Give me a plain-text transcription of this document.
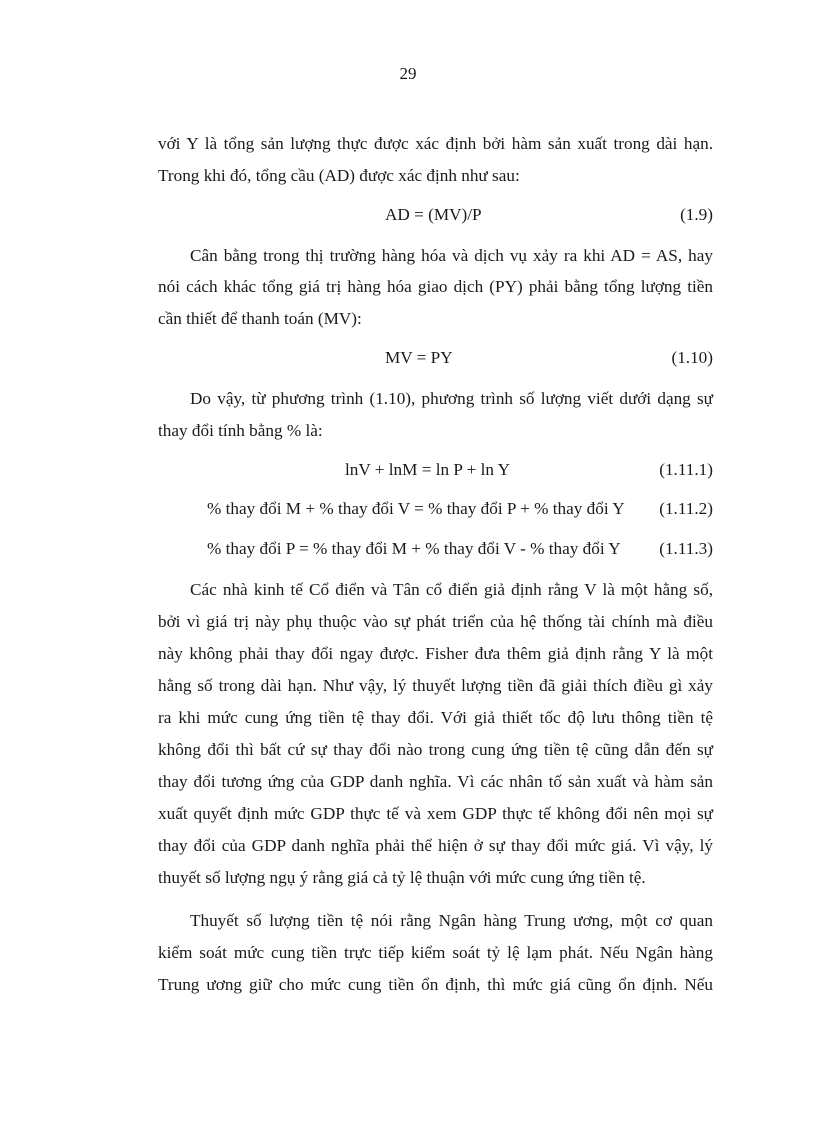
29
với Y là tổng sản lượng thực được xác định bởi hàm sản xuất trong dài hạn.
Trong khi đó, tổng cầu (AD) được xác định như sau:
AD = (MV)/P	(1.9)
Cân bằng trong thị trường hàng hóa và dịch vụ xảy ra khi AD = AS, hay
nói cách khác tổng giá trị hàng hóa giao dịch (PY) phải bằng tổng lượng tiền
cần thiết để thanh toán (MV):
MV = PY	(1.10)
Do vậy, từ phương trình (1.10), phương trình số lượng viết dưới dạng sự
thay đổi tính bằng % là:
lnV + lnM = ln P + ln Y	(1.11.1)
% thay đổi M + % thay đổi V = % thay đổi P + % thay đổi Y (1.11.2)
% thay đổi P = % thay đổi M + % thay đổi V - % thay đổi Y (1.11.3)
Các nhà kinh tế Cổ điển và Tân cổ điển giả định rằng V là một hằng số,
bởi vì giá trị này phụ thuộc vào sự phát triển của hệ thống tài chính mà điều
này không phải thay đổi ngay được. Fisher đưa thêm giả định rằng Y là một
hằng số trong dài hạn. Như vậy, lý thuyết lượng tiền đã giải thích điều gì xảy
ra khi mức cung ứng tiền tệ thay đổi. Với giả thiết tốc độ lưu thông tiền tệ
không đổi thì bất cứ sự thay đổi nào trong cung ứng tiền tệ cũng dẫn đến sự
thay đổi tương ứng của GDP danh nghĩa. Vì các nhân tố sản xuất và hàm sản
xuất quyết định mức GDP thực tế và xem GDP thực tế không đổi nên mọi sự
thay đổi của GDP danh nghĩa phải thể hiện ở sự thay đổi mức giá. Vì vậy, lý
thuyết số lượng ngụ ý rằng giá cả tỷ lệ thuận với mức cung ứng tiền tệ.
Thuyết số lượng tiền tệ nói rằng Ngân hàng Trung ương, một cơ quan
kiểm soát mức cung tiền trực tiếp kiểm soát tỷ lệ lạm phát. Nếu Ngân hàng
Trung ương giữ cho mức cung tiền ổn định, thì mức giá cũng ổn định. Nếu
